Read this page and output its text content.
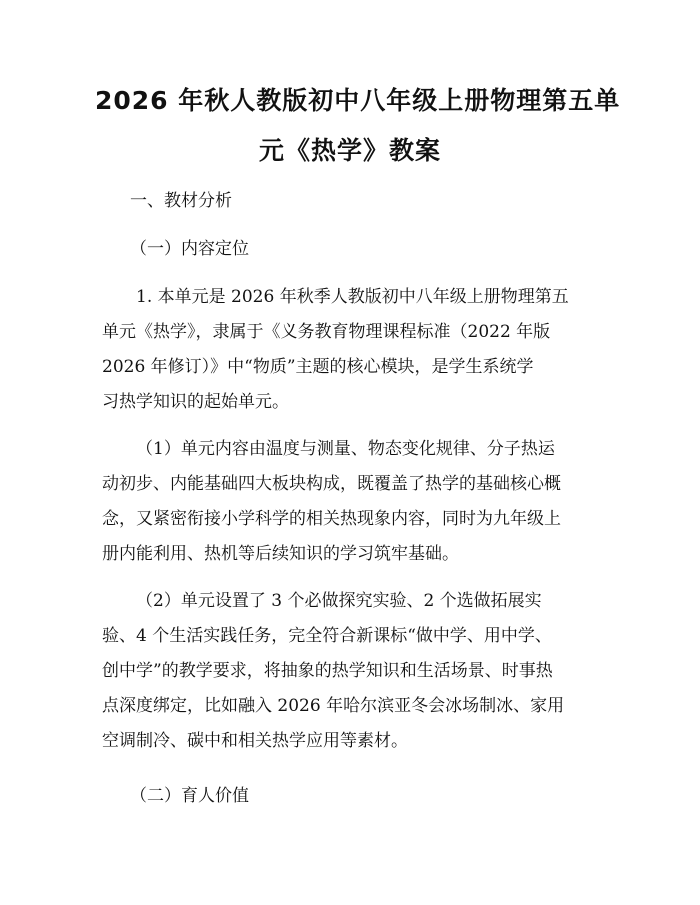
2026 年秋人教版初中八年级上册物理第五单
元《热学》教案

一、教材分析

（一）内容定位

1. 本单元是 2026 年秋季人教版初中八年级上册物理第五
单元《热学》，隶属于《义务教育物理课程标准（2022 年版
2026 年修订）》中“物质”主题的核心模块，是学生系统学
习热学知识的起始单元。
（1）单元内容由温度与测量、物态变化规律、分子热运
动初步、内能基础四大板块构成，既覆盖了热学的基础核心概
念，又紧密衔接小学科学的相关热现象内容，同时为九年级上
册内能利用、热机等后续知识的学习筑牢基础。
（2）单元设置了 3 个必做探究实验、2 个选做拓展实
验、4 个生活实践任务，完全符合新课标“做中学、用中学、
创中学”的教学要求，将抽象的热学知识和生活场景、时事热
点深度绑定，比如融入 2026 年哈尔滨亚冬会冰场制冰、家用
空调制冷、碳中和相关热学应用等素材。

（二）育人价值
